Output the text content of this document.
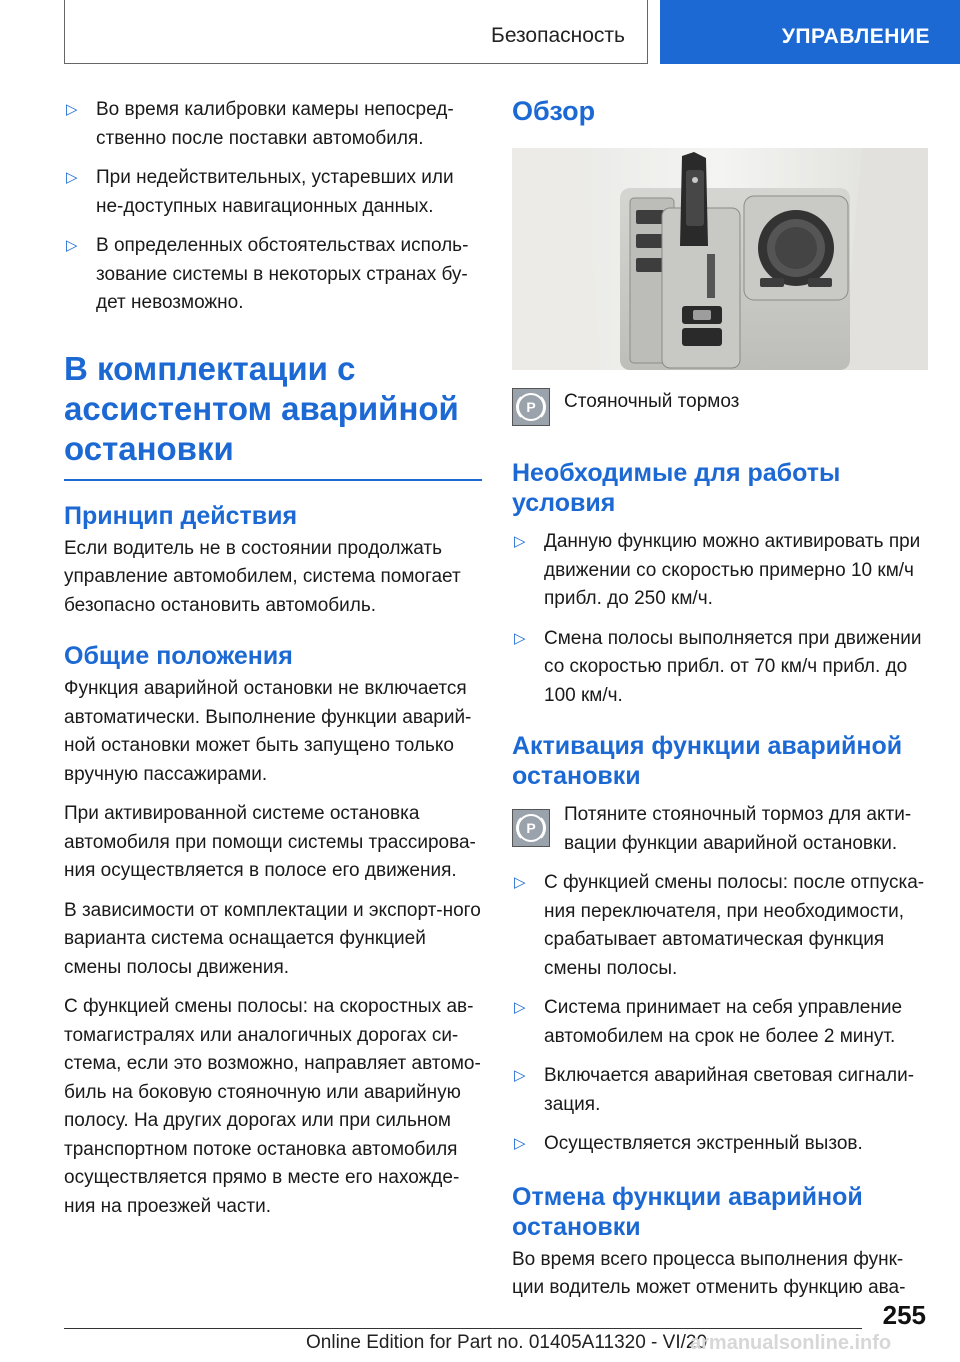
Безопасность	УПРАВЛЕНИЕ

▷ Во время калибровки камеры непосред-ственно после поставки автомобиля.

▷ При недействительных, устаревших или не-доступных навигационных данных.

▷ В определенных обстоятельствах исполь-зование системы в некоторых странах бу-дет невозможно.

В комплектации с ассистентом аварийной остановки
Принцип действия

Если водитель не в состоянии продолжать управление автомобилем, система помогает безопасно остановить автомобиль.

Общие положения

Функция аварийной остановки не включается автоматически. Выполнение функции аварий-ной остановки может быть запущено только вручную пассажирами.

При активированной системе остановка автомобиля при помощи системы трассирова-ния осуществляется в полосе его движения.

В зависимости от комплектации и экспорт-ного варианта система оснащается функцией смены полосы движения.

С функцией смены полосы: на скоростных ав-томагистралях или аналогичных дорогах си-стема, если это возможно, направляет автомо-биль на боковую стояночную или аварийную полосу. На других дорогах или при сильном транспортном потоке остановка автомобиля осуществляется прямо в месте его нахожде-ния на проезжей части.

Обзор
P	Стояночный тормоз
Необходимые для работы условия

▷ Данную функцию можно активировать при движении со скоростью примерно 10 км/ч прибл. до 250 км/ч.

▷ Смена полосы выполняется при движении со скоростью прибл. от 70 км/ч прибл. до 100 км/ч.

Активация функции аварийной остановки
P
Потяните стояночный тормоз для акти-вации функции аварийной остановки.

▷ С функцией смены полосы: после отпуска-ния переключателя, при необходимости, срабатывает автоматическая функция смены полосы.

▷ Система принимает на себя управление автомобилем на срок не более 2 минут.

▷ Включается аварийная световая сигнали-зация.

▷ Осуществляется экстренный вызов.

Отмена функции аварийной остановки

Во время всего процесса выполнения функ-ции водитель может отменить функцию ава-

255
Online Edition for Part no. 01405A11320 - VI/20
armanualsonline.info
